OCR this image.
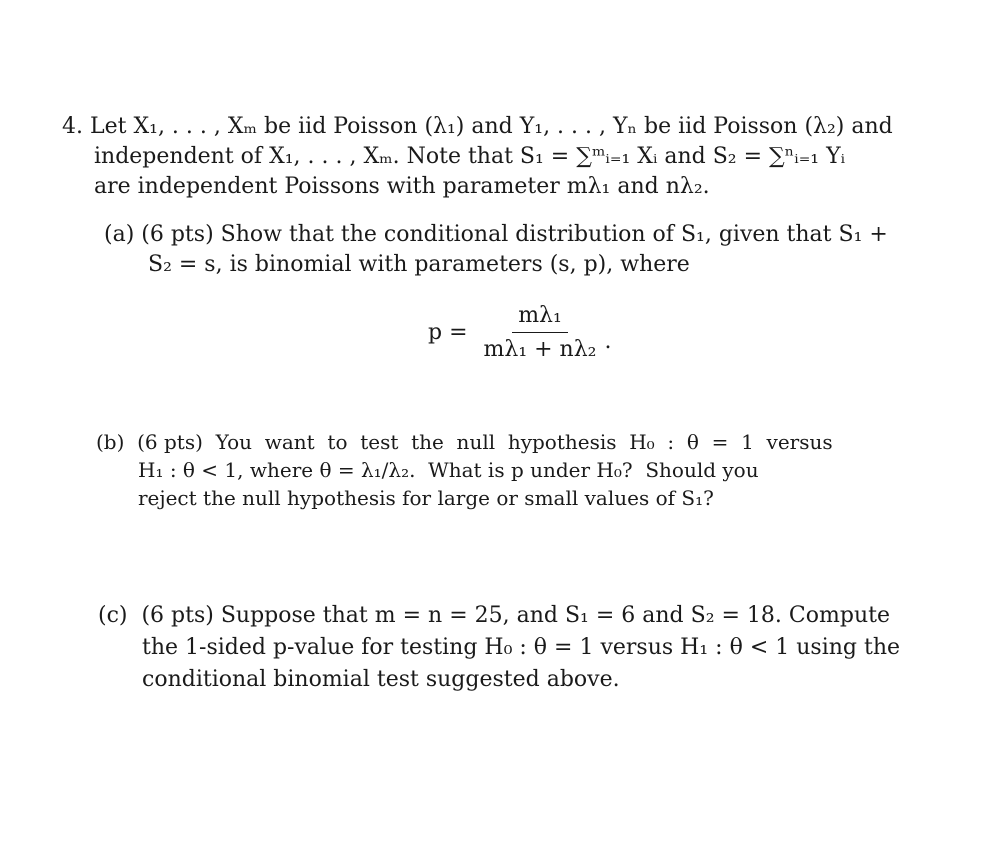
4. Let X₁, . . . , Xₘ be iid Poisson (λ₁) and Y₁, . . . , Yₙ be iid Poisson (λ₂) and
independent of X₁, . . . , Xₘ. Note that S₁ = ∑ᵐᵢ₌₁ Xᵢ and S₂ = ∑ⁿᵢ₌₁ Yᵢ
are independent Poissons with parameter mλ₁ and nλ₂.
(a) (6 pts) Show that the conditional distribution of S₁, given that S₁ +
S₂ = s, is binomial with parameters (s, p), where
$p = \frac{\text{mλ₁}}{\text{mλ₁ + nλ₂}}$ .
(b)  (6 pts)  You  want  to  test  the  null  hypothesis  H₀  :  θ  =  1  versus
H₁ : θ < 1, where θ = λ₁/λ₂.  What is p under H₀?  Should you
reject the null hypothesis for large or small values of S₁?
(c)  (6 pts) Suppose that m = n = 25, and S₁ = 6 and S₂ = 18. Compute
the 1-sided p-value for testing H₀ : θ = 1 versus H₁ : θ < 1 using the
conditional binomial test suggested above.
